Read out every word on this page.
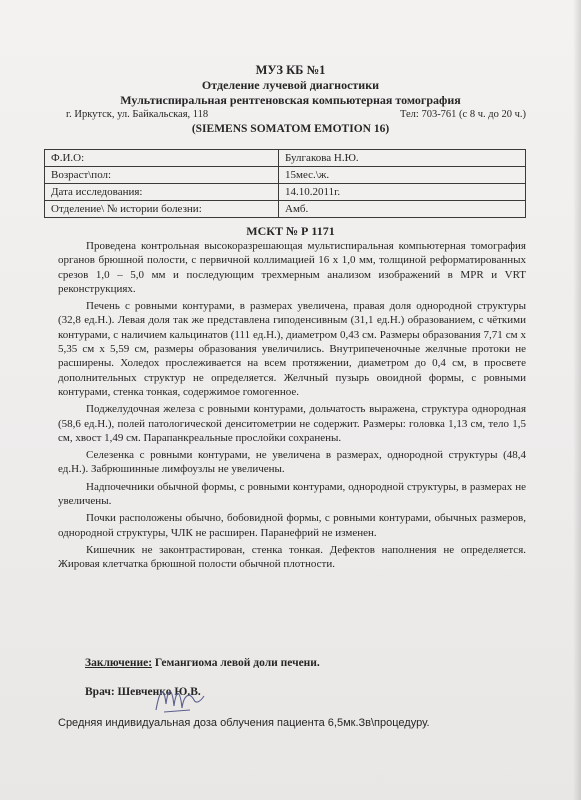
МУЗ КБ №1
Отделение лучевой диагностики
Мультиспиральная рентгеновская компьютерная томография
г. Иркутск, ул. Байкальская, 118	Тел: 703-761 (с 8 ч. до 20 ч.)
(SIEMENS SOMATOM EMOTION 16)
Ф.И.О:	Булгакова Н.Ю.
Возраст\пол:	15мес.\ж.
Дата исследования:	14.10.2011г.
Отделение\ № истории болезни:	Амб.
МСКТ № Р 1171

Проведена контрольная высокоразрешающая мультиспиральная компьютерная томография органов брюшной полости, с первичной коллимацией 16 х 1,0 мм, толщиной реформатированных срезов 1,0 – 5,0 мм и последующим трехмерным анализом изображений в MPR и VRT реконструкциях.

Печень с ровными контурами, в размерах увеличена, правая доля однородной структуры (32,8 ед.Н.). Левая доля так же представлена гиподенсивным (31,1 ед.Н.) образованием, с чёткими контурами, с наличием кальцинатов (111 ед.Н.), диаметром 0,43 см. Размеры образования 7,71 см х 5,35 см х 5,59 см, размеры образования увеличились. Внутрипеченочные желчные протоки не расширены. Холедох прослеживается на всем протяжении, диаметром до 0,4 см, в просвете дополнительных структур не определяется. Желчный пузырь овоидной формы, с ровными контурами, стенка тонкая, содержимое гомогенное.

Поджелудочная железа с ровными контурами, дольчатость выражена, структура однородная (58,6 ед.Н.), полей патологической денситометрии не содержит. Размеры: головка 1,13 см, тело 1,5 см, хвост 1,49 см. Парапанкреальные прослойки сохранены.

Селезенка с ровными контурами, не увеличена в размерах, однородной структуры (48,4 ед.Н.). Забрюшинные лимфоузлы не увеличены.

Надпочечники обычной формы, с ровными контурами, однородной структуры, в размерах не увеличены.

Почки расположены обычно, бобовидной формы, с ровными контурами, обычных размеров, однородной структуры, ЧЛК не расширен. Паранефрий не изменен.

Кишечник не законтрастирован, стенка тонкая. Дефектов наполнения не определяется. Жировая клетчатка брюшной полости обычной плотности.

Заключение: Гемангиома левой доли печени.
Врач: Шевченко Ю.В.
Средняя индивидуальная доза облучения пациента 6,5мк.Зв\процедуру.
